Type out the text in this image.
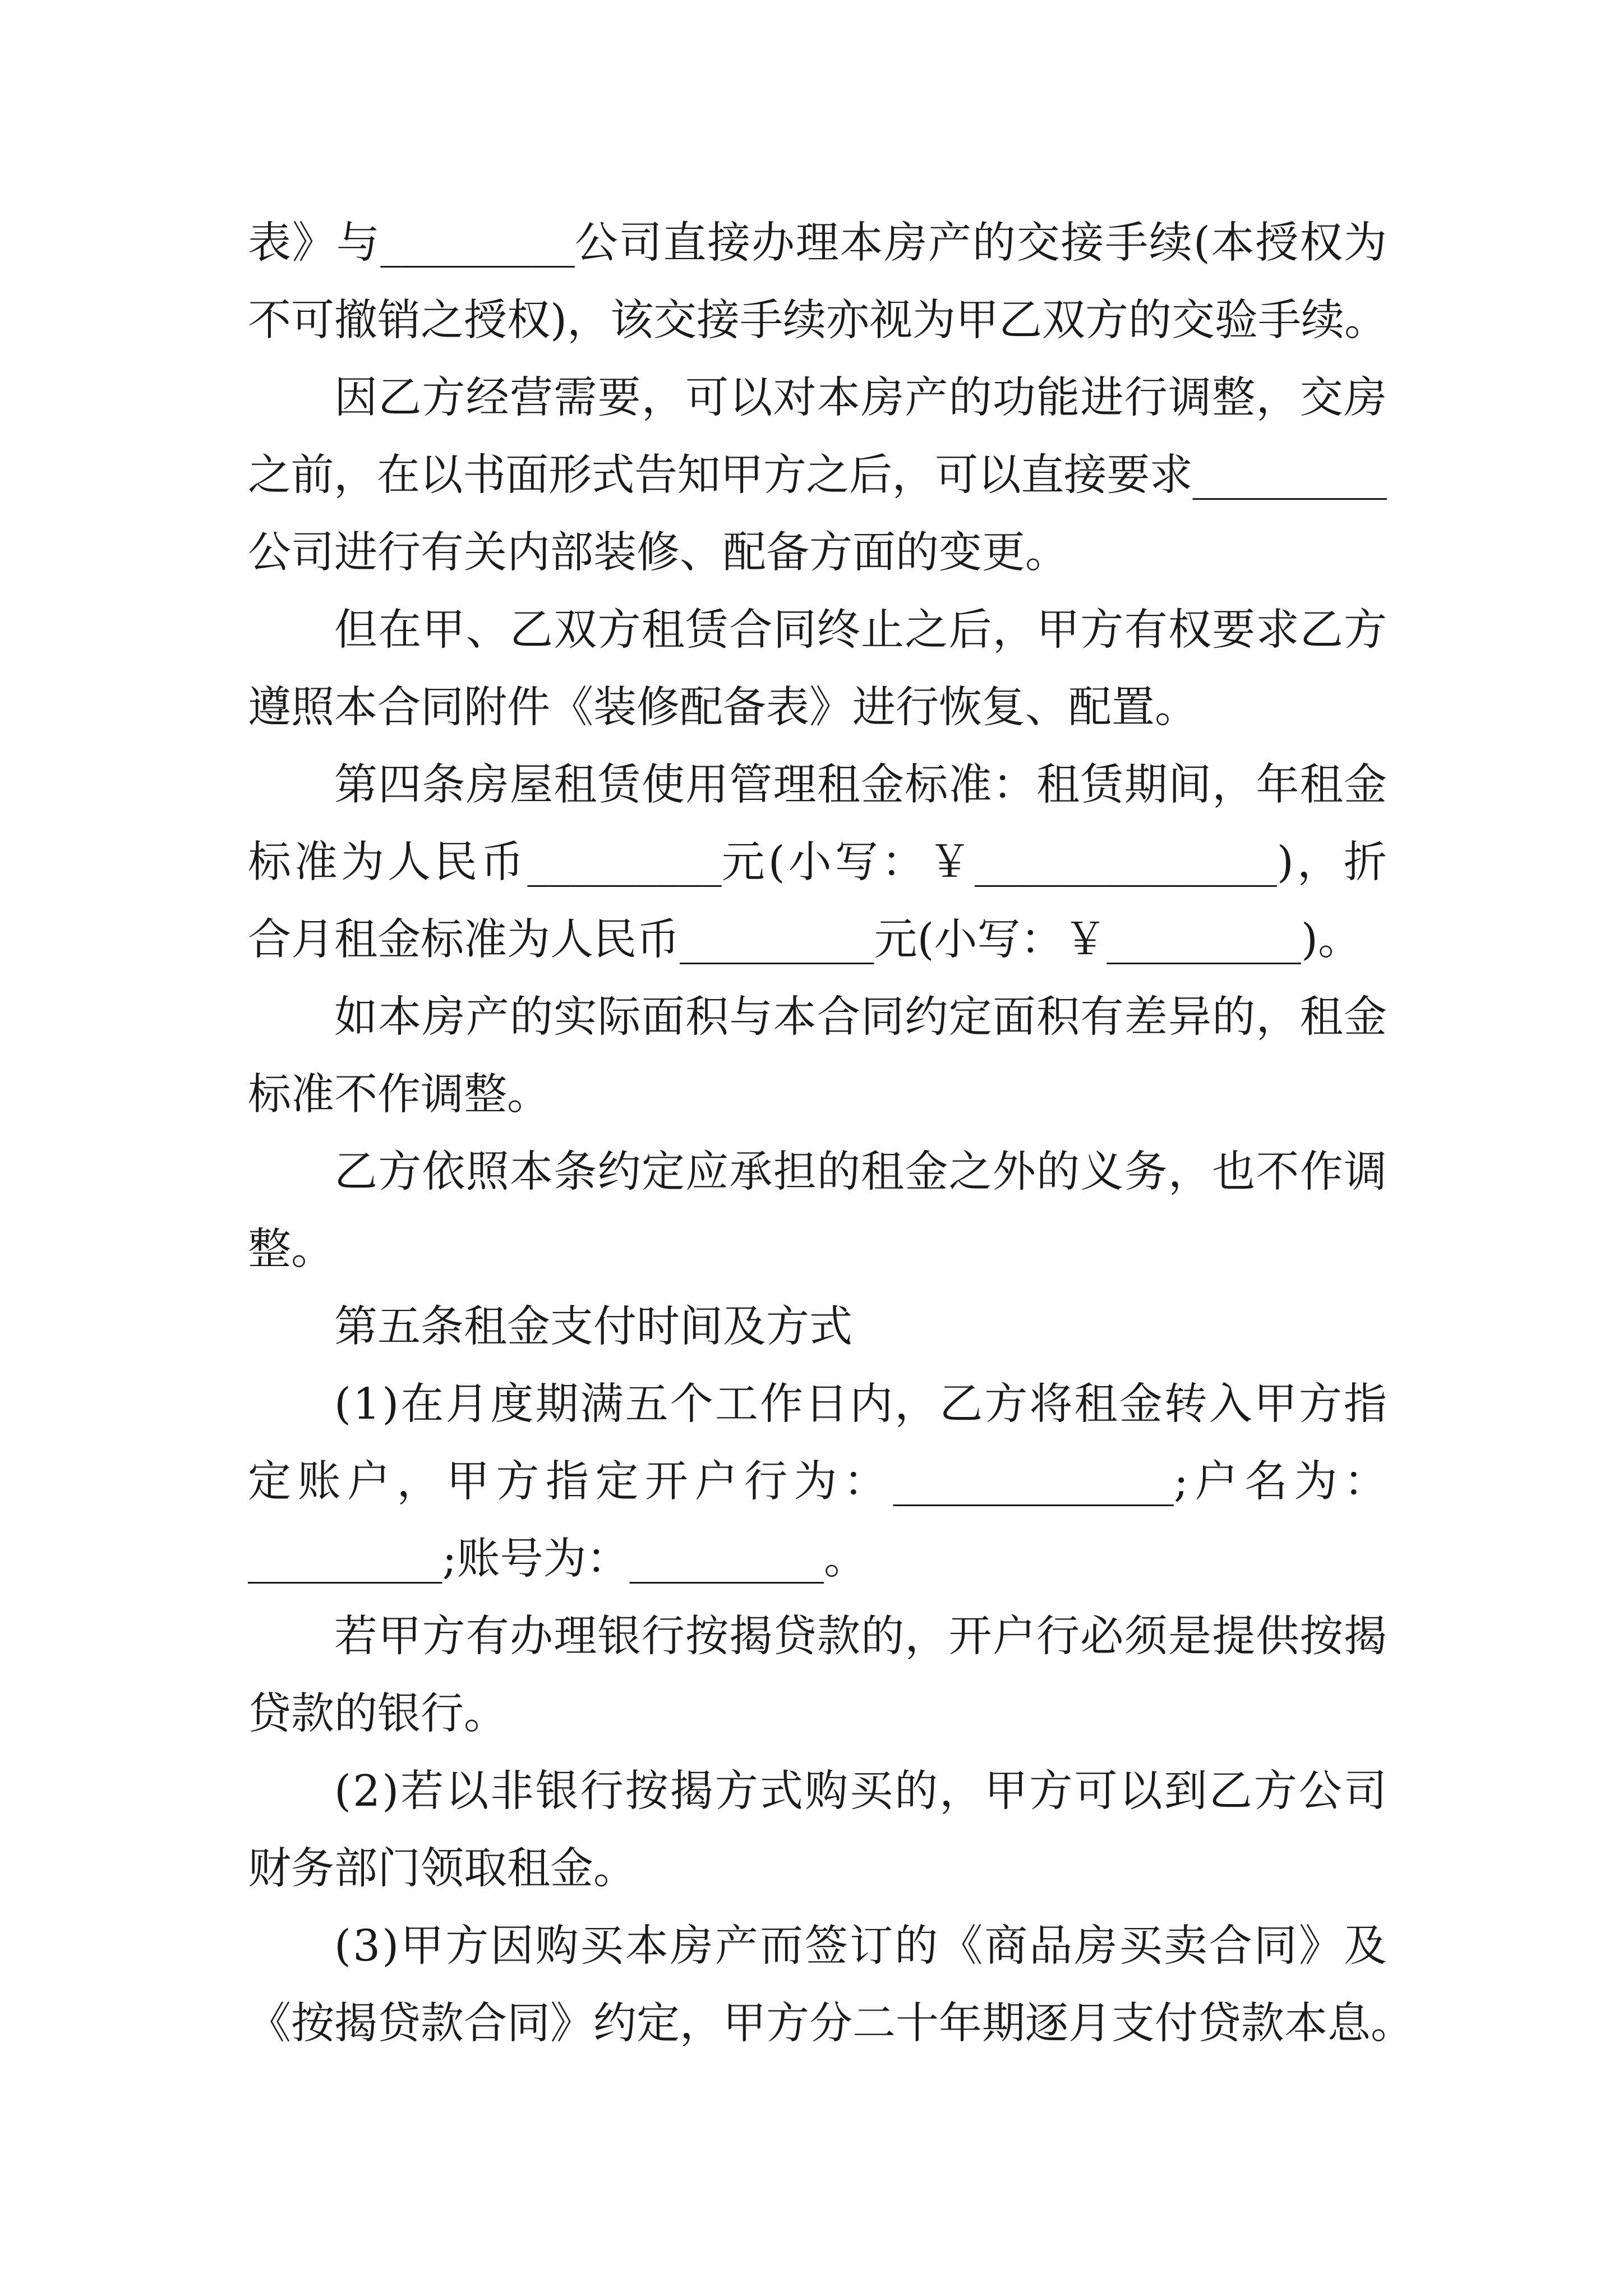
表》与_________公司直接办理本房产的交接手续(本授权为
不可撤销之授权)，该交接手续亦视为甲乙双方的交验手续。
因乙方经营需要，可以对本房产的功能进行调整，交房
之前，在以书面形式告知甲方之后，可以直接要求_________
公司进行有关内部装修、配备方面的变更。
但在甲、乙双方租赁合同终止之后，甲方有权要求乙方
遵照本合同附件《装修配备表》进行恢复、配置。
第四条房屋租赁使用管理租金标准：租赁期间，年租金
标准为人民币_________元(小写：￥______________)，折
合月租金标准为人民币_________元(小写：￥_________)。
如本房产的实际面积与本合同约定面积有差异的，租金
标准不作调整。
乙方依照本条约定应承担的租金之外的义务，也不作调
整。
第五条租金支付时间及方式
(1)在月度期满五个工作日内，乙方将租金转入甲方指
定账户，甲方指定开户行为：_____________;户名为：
_________;账号为：_________。
若甲方有办理银行按揭贷款的，开户行必须是提供按揭
贷款的银行。
(2)若以非银行按揭方式购买的，甲方可以到乙方公司
财务部门领取租金。
(3)甲方因购买本房产而签订的《商品房买卖合同》及
《按揭贷款合同》约定，甲方分二十年期逐月支付贷款本息。
